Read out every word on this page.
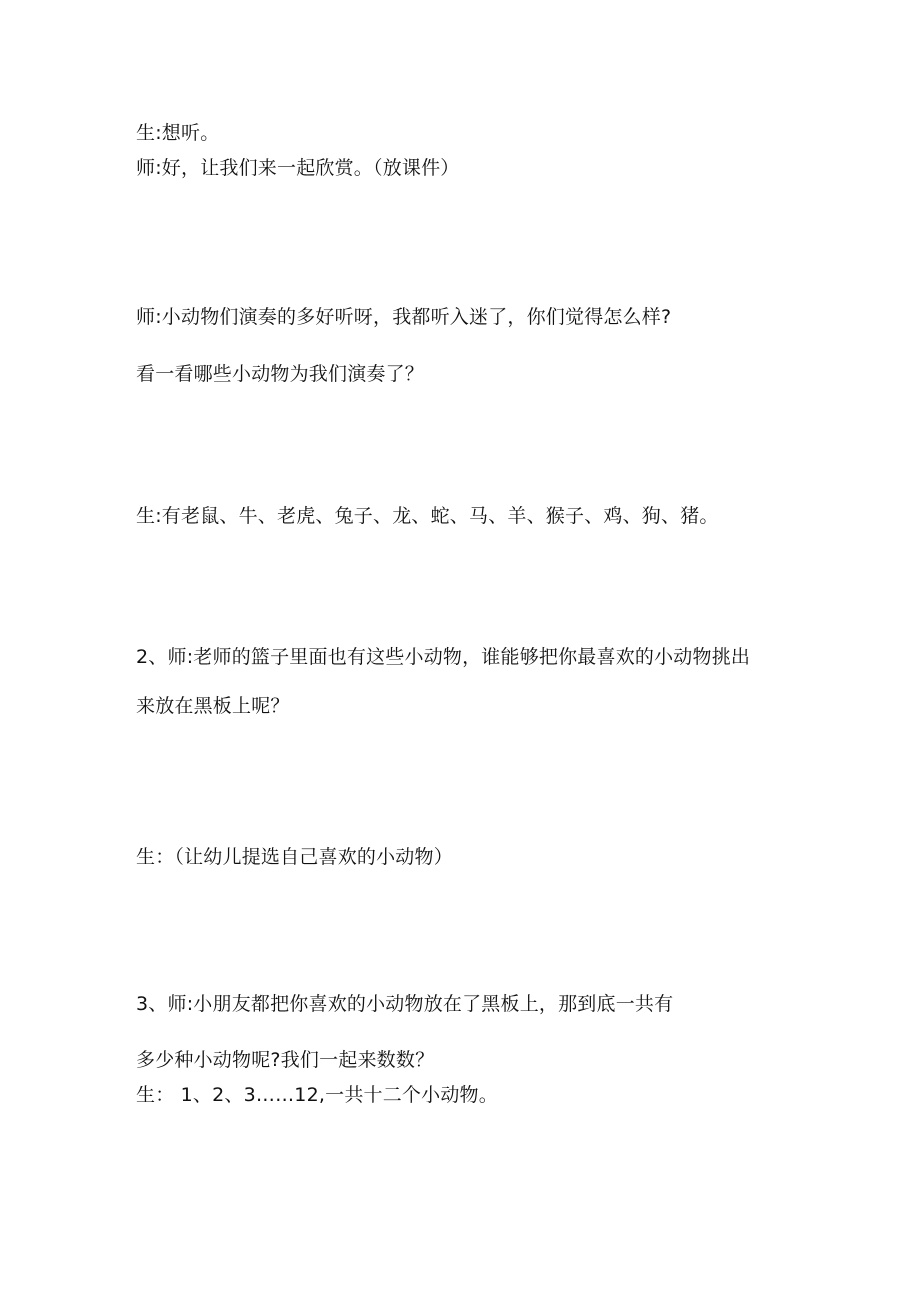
生:想听。
师:好，让我们来一起欣赏。（放课件）
师:小动物们演奏的多好听呀，我都听入迷了，你们觉得怎么样?
看一看哪些小动物为我们演奏了？
生:有老鼠、牛、老虎、兔子、龙、蛇、马、羊、猴子、鸡、狗、猪。
2、师:老师的篮子里面也有这些小动物，谁能够把你最喜欢的小动物挑出
来放在黑板上呢？
生：（让幼儿提选自己喜欢的小动物）
3、师:小朋友都把你喜欢的小动物放在了黑板上，那到底一共有
多少种小动物呢?我们一起来数数？
生： 1、2、3……12,一共十二个小动物。
